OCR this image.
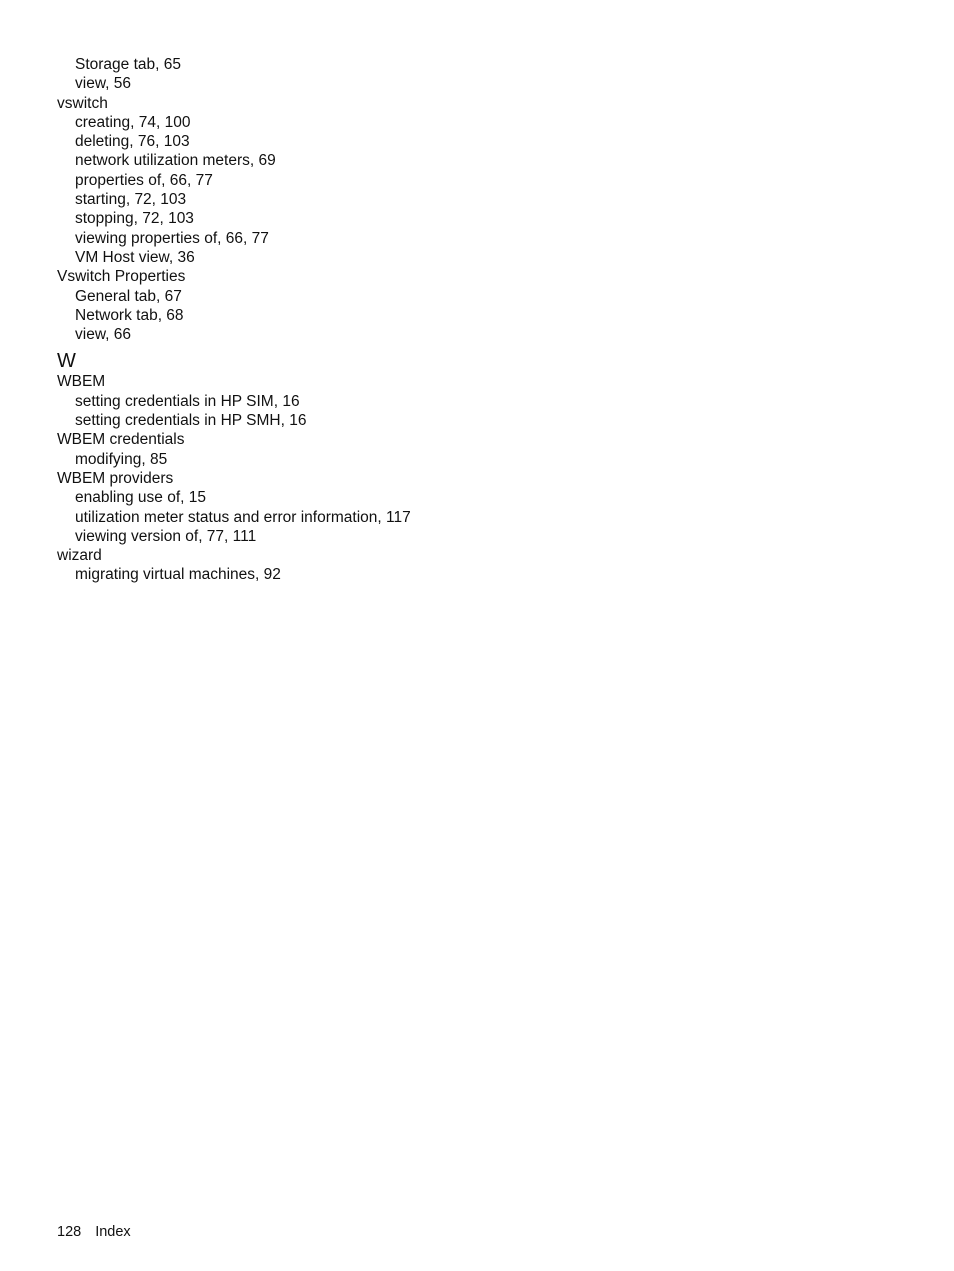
Storage tab, 65
view, 56
vswitch
creating, 74, 100
deleting, 76, 103
network utilization meters, 69
properties of, 66, 77
starting, 72, 103
stopping, 72, 103
viewing properties of, 66, 77
VM Host view, 36
Vswitch Properties
General tab, 67
Network tab, 68
view, 66
W
WBEM
setting credentials in HP SIM, 16
setting credentials in HP SMH, 16
WBEM credentials
modifying, 85
WBEM providers
enabling use of, 15
utilization meter status and error information, 117
viewing version of, 77, 111
wizard
migrating virtual machines, 92
128 Index
